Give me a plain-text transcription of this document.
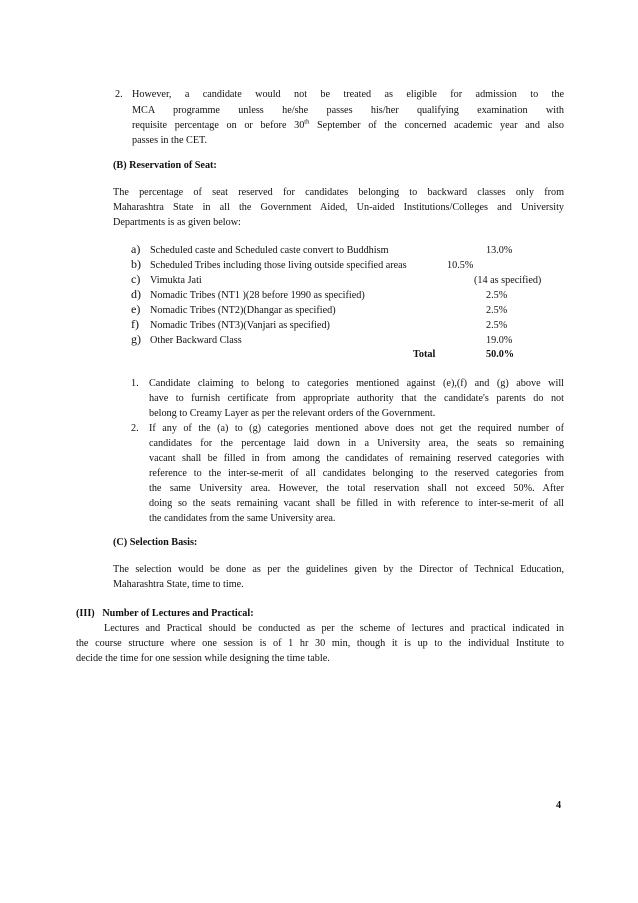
2. However, a candidate would not be treated as eligible for admission to the
MCA programme unless he/she passes his/her qualifying examination with
requisite percentage on or before 30th September of the concerned academic year and also
passes in the CET.
(B) Reservation of Seat:
The percentage of seat reserved for candidates belonging to backward classes only from
Maharashtra State in all the Government Aided, Un-aided Institutions/Colleges and University
Departments is as given below:
a) Scheduled caste and Scheduled caste convert to Buddhism	13.0%
b) Scheduled Tribes including those living outside specified areas	10.5%
c) Vimukta Jati	(14 as specified)
d) Nomadic Tribes (NT1 )(28 before 1990 as specified)	2.5%
e) Nomadic Tribes (NT2)(Dhangar as specified)	2.5%
f) Nomadic Tribes (NT3)(Vanjari as specified)	2.5%
g) Other Backward Class	19.0%
Total	50.0%
1. Candidate claiming to belong to categories mentioned against (e),(f) and (g) above will
have to furnish certificate from appropriate authority that the candidate's parents do not
belong to Creamy Layer as per the relevant orders of the Government.
2. If any of the (a) to (g) categories mentioned above does not get the required number of
candidates for the percentage laid down in a University area, the seats so remaining
vacant shall be filled in from among the candidates of remaining reserved categories with
reference to the inter-se-merit of all candidates belonging to the reserved categories from
the same University area. However, the total reservation shall not exceed 50%. After
doing so the seats remaining vacant shall be filled in with reference to inter-se-merit of all
the candidates from the same University area.
(C) Selection Basis:
The selection would be done as per the guidelines given by the Director of Technical Education,
Maharashtra State, time to time.
(III)   Number of Lectures and Practical:
Lectures and Practical should be conducted as per the scheme of lectures and practical indicated in
the course structure where one session is of 1 hr 30 min, though it is up to the individual Institute to
decide the time for one session while designing the time table.
4
